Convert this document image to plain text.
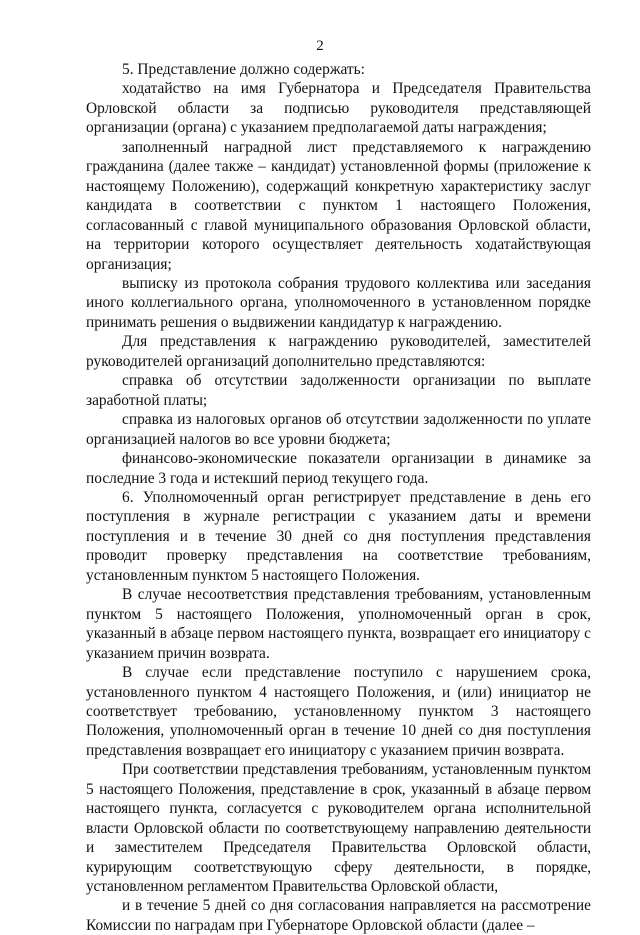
2

5. Представление должно содержать:

ходатайство на имя Губернатора и Председателя Правительства Орловской области за подписью руководителя представляющей организации (органа) с указанием предполагаемой даты награждения;

заполненный наградной лист представляемого к награждению гражданина (далее также – кандидат) установленной формы (приложение к настоящему Положению), содержащий конкретную характеристику заслуг кандидата в соответствии с пунктом 1 настоящего Положения, согласованный с главой муниципального образования Орловской области, на территории которого осуществляет деятельность ходатайствующая организация;

выписку из протокола собрания трудового коллектива или заседания иного коллегиального органа, уполномоченного в установленном порядке принимать решения о выдвижении кандидатур к награждению.

Для представления к награждению руководителей, заместителей руководителей организаций дополнительно представляются:

справка об отсутствии задолженности организации по выплате заработной платы;

справка из налоговых органов об отсутствии задолженности по уплате организацией налогов во все уровни бюджета;

финансово-экономические показатели организации в динамике за последние 3 года и истекший период текущего года.

6. Уполномоченный орган регистрирует представление в день его поступления в журнале регистрации с указанием даты и времени поступления и в течение 30 дней со дня поступления представления проводит проверку представления на соответствие требованиям, установленным пунктом 5 настоящего Положения.

В случае несоответствия представления требованиям, установленным пунктом 5 настоящего Положения, уполномоченный орган в срок, указанный в абзаце первом настоящего пункта, возвращает его инициатору с указанием причин возврата.

В случае если представление поступило с нарушением срока, установленного пунктом 4 настоящего Положения, и (или) инициатор не соответствует требованию, установленному пунктом 3 настоящего Положения, уполномоченный орган в течение 10 дней со дня поступления представления возвращает его инициатору с указанием причин возврата.

При соответствии представления требованиям, установленным пунктом 5 настоящего Положения, представление в срок, указанный в абзаце первом настоящего пункта, согласуется с руководителем органа исполнительной власти Орловской области по соответствующему направлению деятельности и заместителем Председателя Правительства Орловской области, курирующим соответствующую сферу деятельности, в порядке, установленном регламентом Правительства Орловской области,

и в течение 5 дней со дня согласования направляется на рассмотрение Комиссии по наградам при Губернаторе Орловской области (далее –
